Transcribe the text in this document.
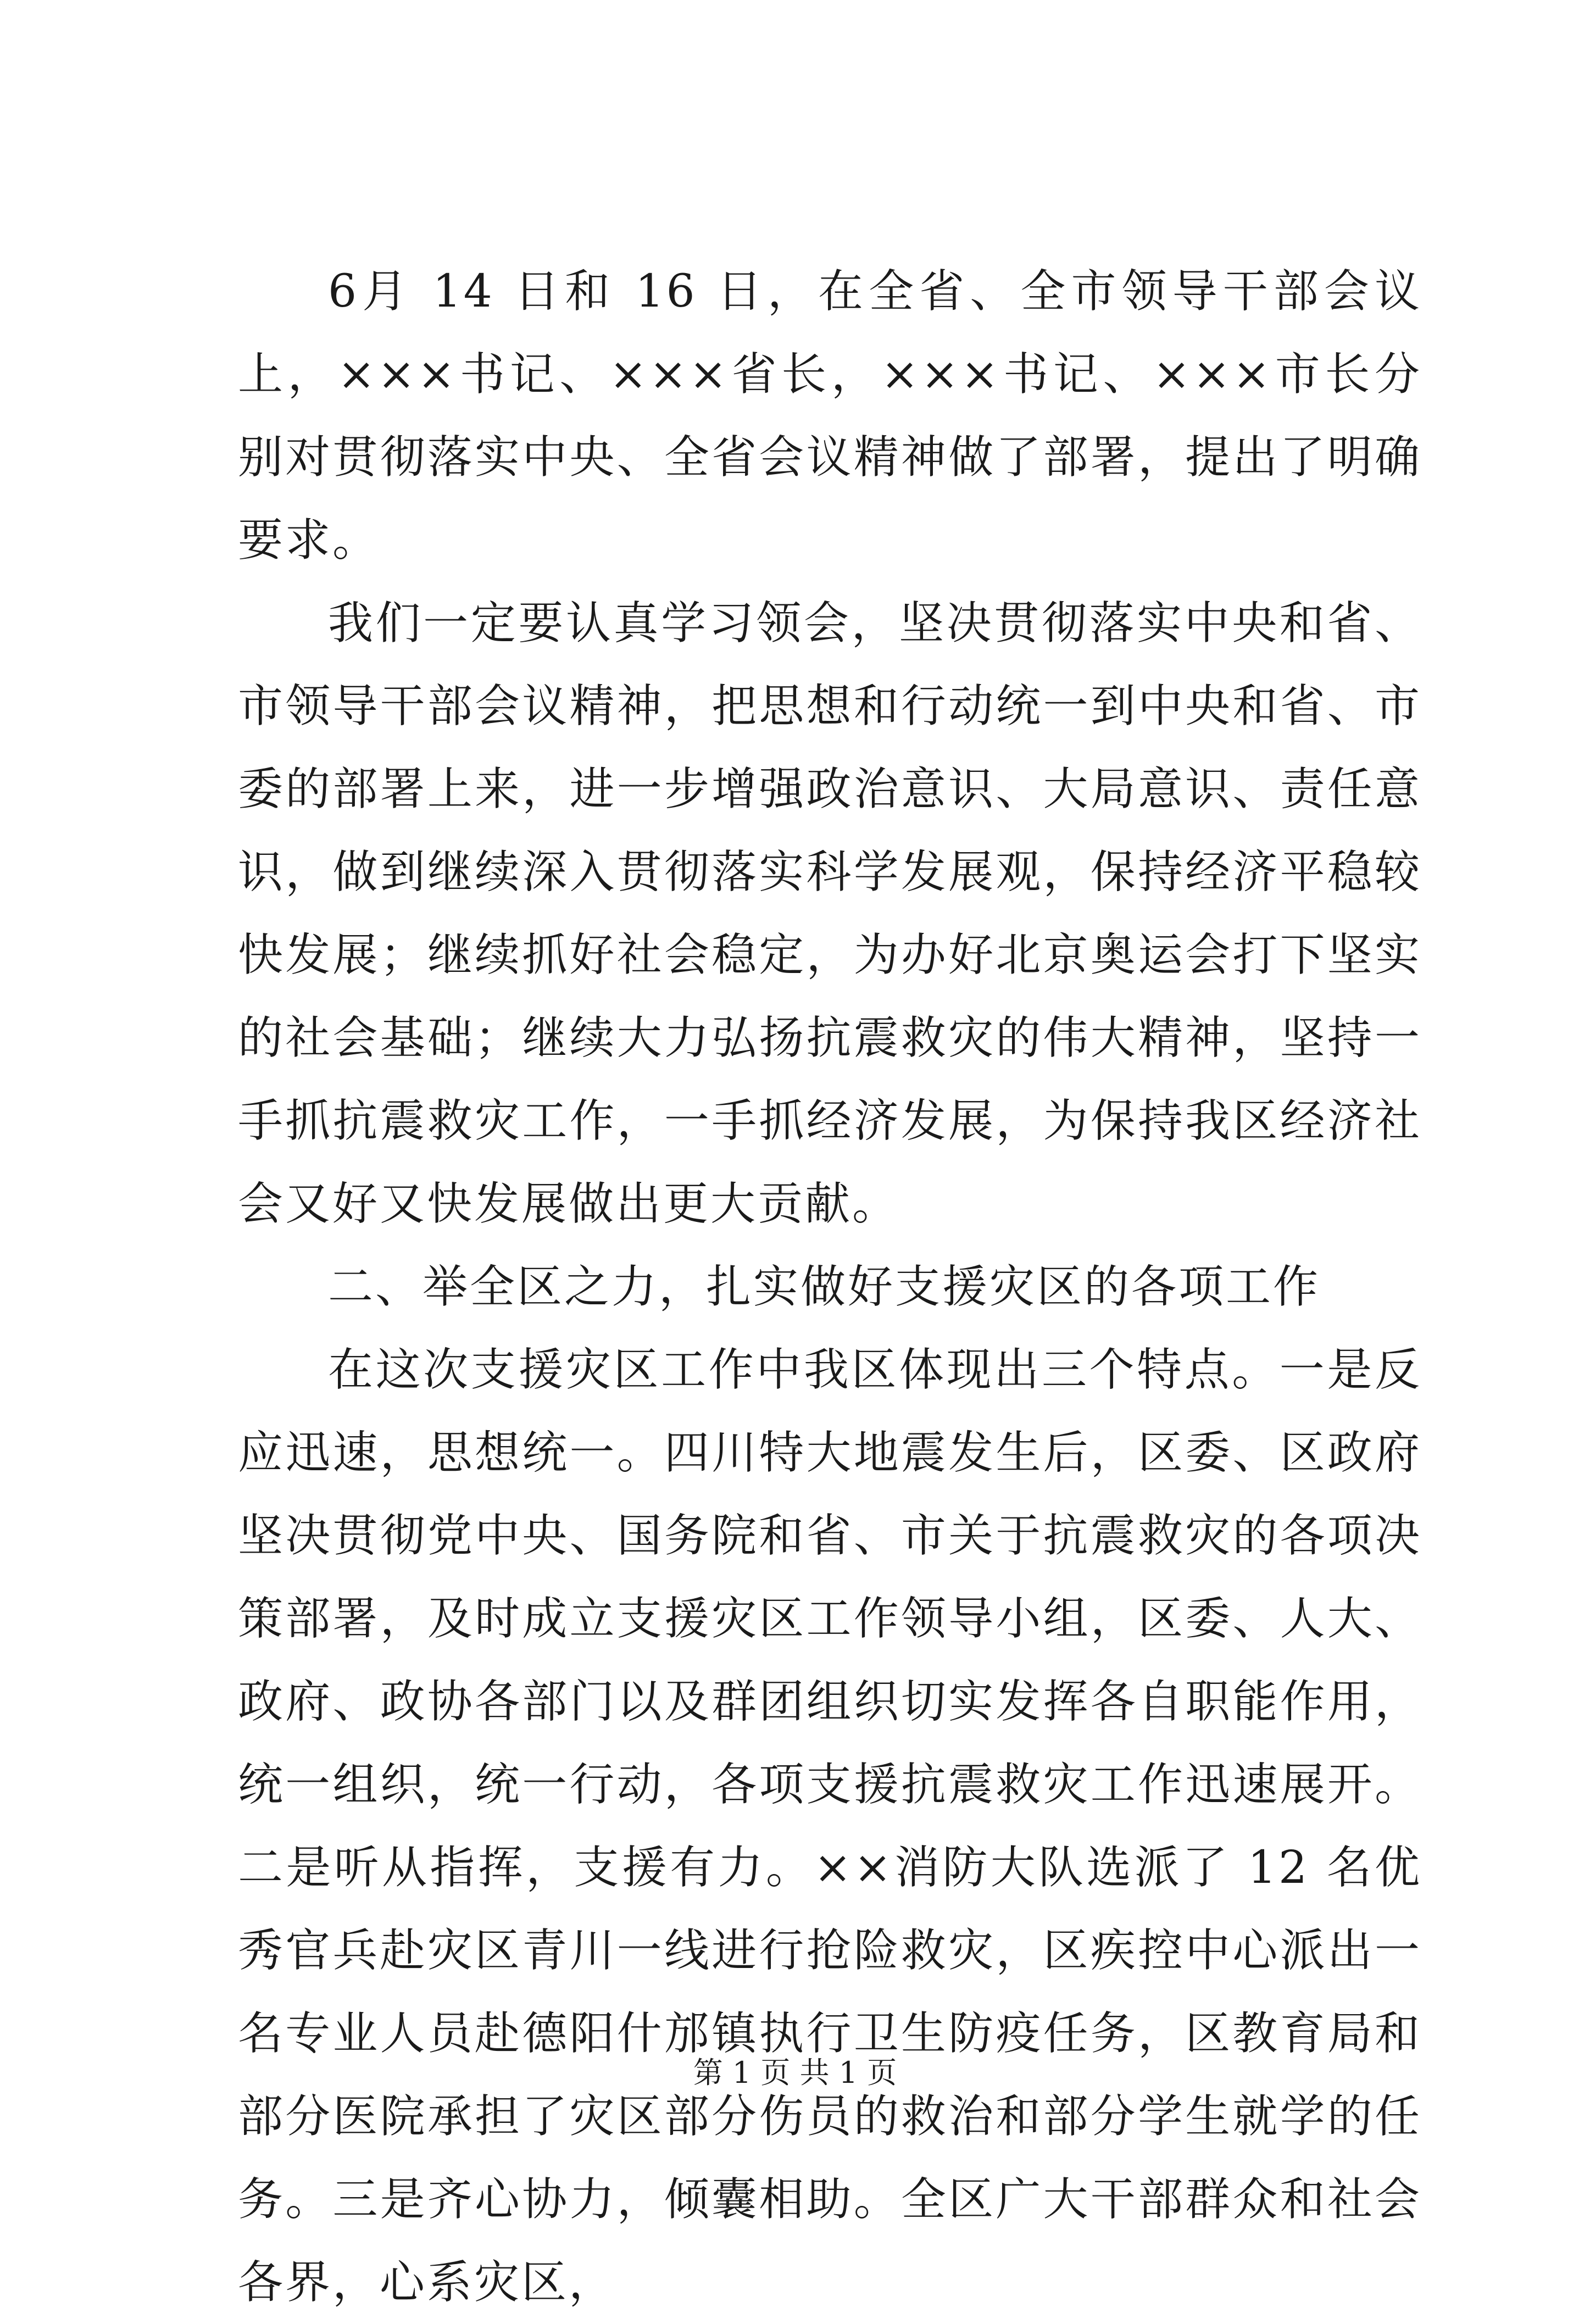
6月 14 日和 16 日，在全省、全市领导干部会议上，×××书记、×××省长，×××书记、×××市长分别对贯彻落实中央、全省会议精神做了部署，提出了明确要求。

我们一定要认真学习领会，坚决贯彻落实中央和省、市领导干部会议精神，把思想和行动统一到中央和省、市委的部署上来，进一步增强政治意识、大局意识、责任意识，做到继续深入贯彻落实科学发展观，保持经济平稳较快发展；继续抓好社会稳定，为办好北京奥运会打下坚实的社会基础；继续大力弘扬抗震救灾的伟大精神，坚持一手抓抗震救灾工作，一手抓经济发展，为保持我区经济社会又好又快发展做出更大贡献。

二、举全区之力，扎实做好支援灾区的各项工作

在这次支援灾区工作中我区体现出三个特点。一是反应迅速，思想统一。四川特大地震发生后，区委、区政府坚决贯彻党中央、国务院和省、市关于抗震救灾的各项决策部署，及时成立支援灾区工作领导小组，区委、人大、政府、政协各部门以及群团组织切实发挥各自职能作用，统一组织，统一行动，各项支援抗震救灾工作迅速展开。二是听从指挥，支援有力。××消防大队选派了 12 名优秀官兵赴灾区青川一线进行抢险救灾，区疾控中心派出一名专业人员赴德阳什邡镇执行卫生防疫任务，区教育局和部分医院承担了灾区部分伤员的救治和部分学生就学的任务。三是齐心协力，倾囊相助。全区广大干部群众和社会各界，心系灾区，

第 1 页 共 1 页
